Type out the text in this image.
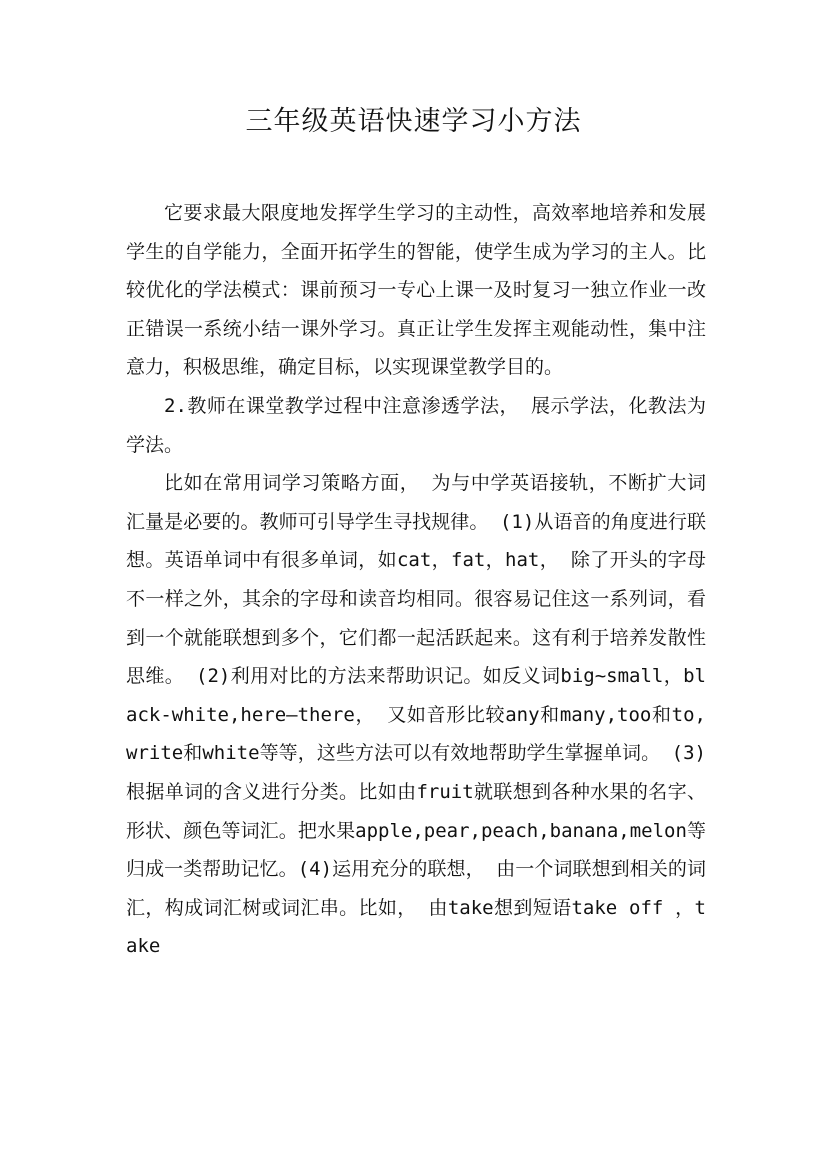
三年级英语快速学习小方法

它要求最大限度地发挥学生学习的主动性，高效率地培养和发展学生的自学能力，全面开拓学生的智能，使学生成为学习的主人。比较优化的学法模式：课前预习一专心上课一及时复习一独立作业一改正错误一系统小结一课外学习。真正让学生发挥主观能动性，集中注意力，积极思维，确定目标，以实现课堂教学目的。

2.教师在课堂教学过程中注意渗透学法， 展示学法，化教法为学法。

比如在常用词学习策略方面， 为与中学英语接轨，不断扩大词汇量是必要的。教师可引导学生寻找规律。 (1)从语音的角度进行联想。英语单词中有很多单词，如cat，fat，hat， 除了开头的字母不一样之外，其余的字母和读音均相同。很容易记住这一系列词，看到一个就能联想到多个，它们都一起活跃起来。这有利于培养发散性思维。 (2)利用对比的方法来帮助识记。如反义词big~small，black-white,here—there， 又如音形比较any和many,too和to,write和white等等，这些方法可以有效地帮助学生掌握单词。 (3)根据单词的含义进行分类。比如由fruit就联想到各种水果的名字、形状、颜色等词汇。把水果apple,pear,peach,banana,melon等归成一类帮助记忆。(4)运用充分的联想， 由一个词联想到相关的词汇，构成词汇树或词汇串。比如， 由take想到短语take off ，take
